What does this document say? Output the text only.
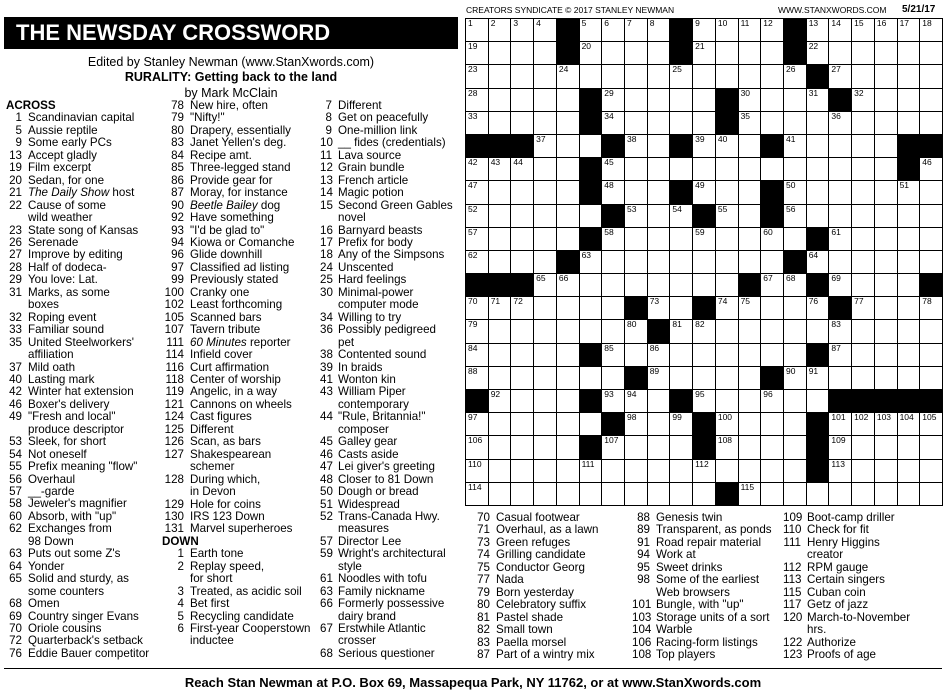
THE NEWSDAY CROSSWORD
Edited by Stanley Newman (www.StanXwords.com)
RURALITY: Getting back to the land
by Mark McClain
CREATORS SYNDICATE © 2017 STANLEY NEWMAN	WWW.STANXWORDS.COM 5/21/17
1 2 3 4	5 6 7 8	9 10 11 12	13 14 15 16 17 18
19	20	21	22
23	24	25	26	27
28	29	30	31	32
33	34	35	36
37	38	39 40	41
42 43 44	45	46
47	48	49	50	51
52	53	54	55	56
57	58	59	60	61
62	63	64
65 66	67 68	69
70 71 72	73	74 75	76	77	78
79	80	81 82	83
84	85	86	87
88	89	90 91
92	93 94	95	96
97	98	99	100	101 102 103 104 105
106	107	108	109
110	111	112	113
114	115
ACROSS
1 Scandinavian capital
5 Aussie reptile
9 Some early PCs
13 Accept gladly
19 Film excerpt
20 Sedan, for one
21 The Daily Show host
22 Cause of some
wild weather
23 State song of Kansas
26 Serenade
27 Improve by editing
28 Half of dodeca-
29 You love: Lat.
31 Marks, as some
boxes
32 Roping event
33 Familiar sound
35 United Steelworkers'
affiliation
37 Mild oath
40 Lasting mark
42 Winter hat extension
46 Boxer's delivery
49 "Fresh and local"
produce descriptor
53 Sleek, for short
54 Not oneself
55 Prefix meaning "flow"
56 Overhaul
57 __-garde
58 Jeweler's magnifier
60 Absorb, with "up"
62 Exchanges from
98 Down
63 Puts out some Z's
64 Yonder
65 Solid and sturdy, as
some counters
68 Omen
69 Country singer Evans
70 Oriole cousins
72 Quarterback's setback
76 Eddie Bauer competitor
78 New hire, often
79 "Nifty!"
80 Drapery, essentially
83 Janet Yellen's deg.
84 Recipe amt.
85 Three-legged stand
86 Provide gear for
87 Moray, for instance
90 Beetle Bailey dog
92 Have something
93 "I'd be glad to"
94 Kiowa or Comanche
96 Glide downhill
97 Classified ad listing
99 Previously stated
100 Cranky one
102 Least forthcoming
105 Scanned bars
107 Tavern tribute
111 60 Minutes reporter
114 Infield cover
116 Curt affirmation
118 Center of worship
119 Angelic, in a way
121 Cannons on wheels
124 Cast figures
125 Different
126 Scan, as bars
127 Shakespearean
schemer
128 During which,
in Devon
129 Hole for coins
130 IRS 123 Down
131 Marvel superheroes
DOWN
1 Earth tone
2 Replay speed,
for short
3 Treated, as acidic soil
4 Bet first
5 Recycling candidate
6 First-year Cooperstown
inductee
7 Different
8 Get on peacefully
9 One-million link
10 __ fides (credentials)
11 Lava source
12 Grain bundle
13 French article
14 Magic potion
15 Second Green Gables
novel
16 Barnyard beasts
17 Prefix for body
18 Any of the Simpsons
24 Unscented
25 Hard feelings
30 Minimal-power
computer mode
34 Willing to try
36 Possibly pedigreed
pet
38 Contented sound
39 In braids
41 Wonton kin
43 William Piper
contemporary
44 "Rule, Britannia!"
composer
45 Galley gear
46 Casts aside
47 Lei giver's greeting
48 Closer to 81 Down
50 Dough or bread
51 Widespread
52 Trans-Canada Hwy.
measures
57 Director Lee
59 Wright's architectural
style
61 Noodles with tofu
63 Family nickname
66 Formerly possessive
dairy brand
67 Erstwhile Atlantic
crosser
68 Serious questioner
70 Casual footwear
71 Overhaul, as a lawn
73 Green refuges
74 Grilling candidate
75 Conductor Georg
77 Nada
79 Born yesterday
80 Celebratory suffix
81 Pastel shade
82 Small town
83 Paella morsel
87 Part of a wintry mix
88 Genesis twin
89 Transparent, as ponds
91 Road repair material
94 Work at
95 Sweet drinks
98 Some of the earliest
Web browsers
101 Bungle, with "up"
103 Storage units of a sort
104 Warble
106 Racing-form listings
108 Top players
109 Boot-camp driller
110 Check for fit
111 Henry Higgins
creator
112 RPM gauge
113 Certain singers
115 Cuban coin
117 Getz of jazz
120 March-to-November
hrs.
122 Authorize
123 Proofs of age
Reach Stan Newman at P.O. Box 69, Massapequa Park, NY 11762, or at www.StanXwords.com
